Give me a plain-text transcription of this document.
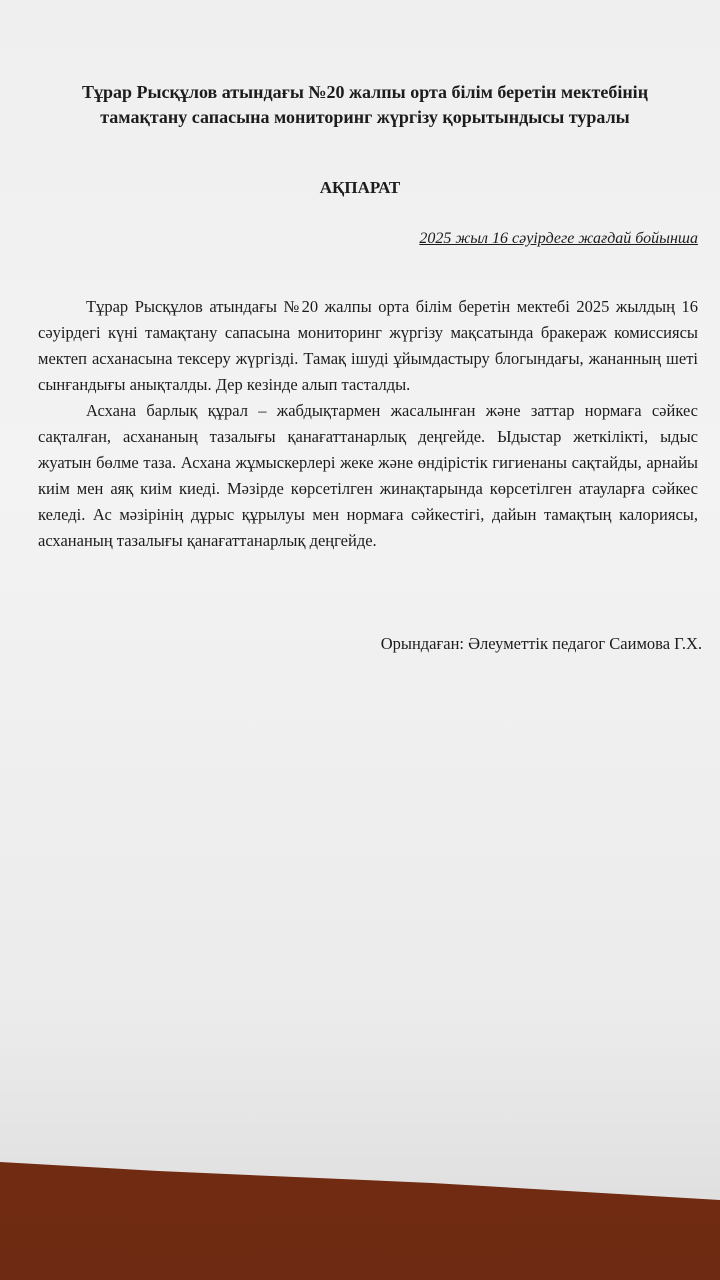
Тұрар Рысқұлов атындағы №20 жалпы орта білім беретін мектебінің
тамақтану сапасына мониторинг жүргізу қорытындысы туралы
АҚПАРАТ
2025 жыл 16 сәуірдеге жағдай бойынша

Тұрар Рысқұлов атындағы №20 жалпы орта білім беретін мектебі 2025 жылдың 16 сәуірдегі күні тамақтану сапасына мониторинг жүргізу мақсатында бракераж комиссиясы мектеп асханасына тексеру жүргізді. Тамақ ішуді ұйымдастыру блогындағы, жананның шеті сынғандығы анықталды. Дер кезінде алып тасталды.

Асхана барлық құрал – жабдықтармен жасалынған және заттар нормаға сәйкес сақталған, асхананың тазалығы қанағаттанарлық деңгейде. Ыдыстар жеткілікті, ыдыс жуатын бөлме таза. Асхана жұмыскерлері жеке және өндірістік гигиенаны сақтайды, арнайы киім мен аяқ киім киеді. Мәзірде көрсетілген жинақтарында көрсетілген атауларға сәйкес келеді. Ас мәзірінің дұрыс құрылуы мен нормаға сәйкестігі, дайын тамақтың калориясы, асхананың тазалығы қанағаттанарлық деңгейде.

Орындаған: Әлеуметтік педагог Саимова Г.Х.
